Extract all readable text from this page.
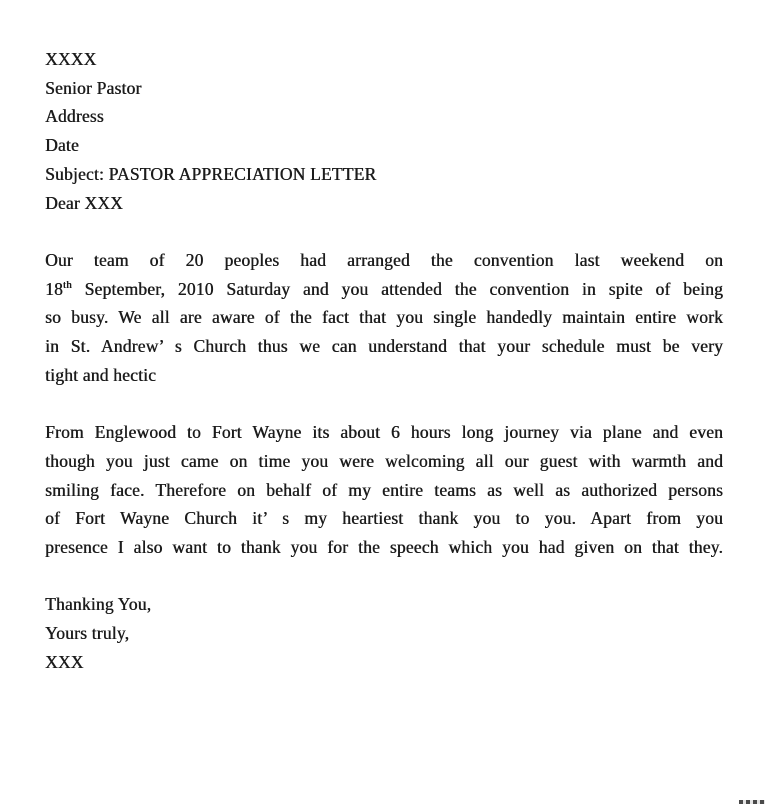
XXXX
Senior Pastor
Address
Date
Subject: PASTOR APPRECIATION LETTER
Dear XXX
Our team of 20 peoples had arranged the convention last weekend on
18th September, 2010 Saturday and you attended the convention in spite of being
so busy. We all are aware of the fact that you single handedly maintain entire work
in St. Andrew’ s Church thus we can understand that your schedule must be very
tight and hectic
From Englewood to Fort Wayne its about 6 hours long journey via plane and even
though you just came on time you were welcoming all our guest with warmth and
smiling face. Therefore on behalf of my entire teams as well as authorized persons
of Fort Wayne Church it’ s my heartiest thank you to you. Apart from you
presence I also want to thank you for the speech which you had given on that they.
Thanking You,
Yours truly,
XXX
